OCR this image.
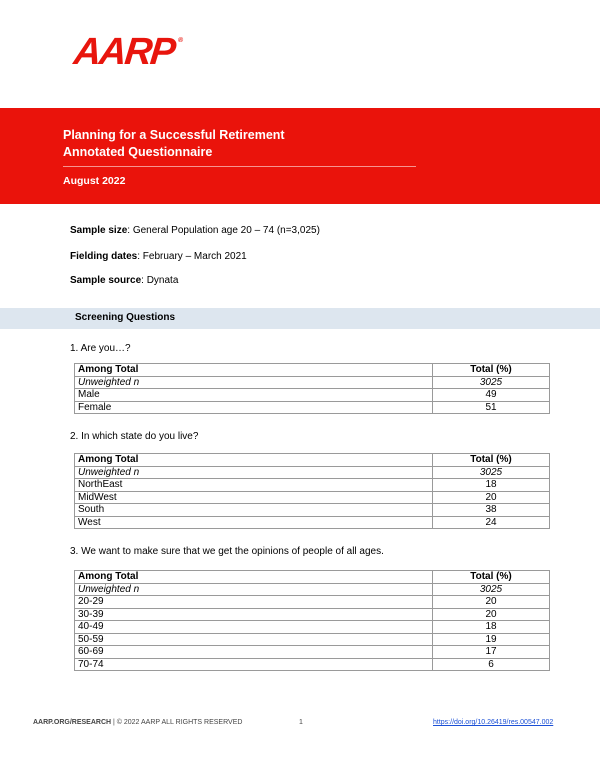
AARP ®
Planning for a Successful Retirement
Annotated Questionnaire
August 2022
Sample size: General Population age 20 – 74 (n=3,025)
Fielding dates: February – March 2021
Sample source: Dynata
Screening Questions
1. Are you…?
Among Total	Total (%)
Unweighted n	3025
Male	49
Female	51
2. In which state do you live?
Among Total	Total (%)
Unweighted n	3025
NorthEast	18
MidWest	20
South	38
West	24
3. We want to make sure that we get the opinions of people of all ages.
Among Total	Total (%)
Unweighted n	3025
20-29	20
30-39	20
40-49	18
50-59	19
60-69	17
70-74	6
AARP.ORG/RESEARCH | © 2022 AARP ALL RIGHTS RESERVED	1	https://doi.org/10.26419/res.00547.002
